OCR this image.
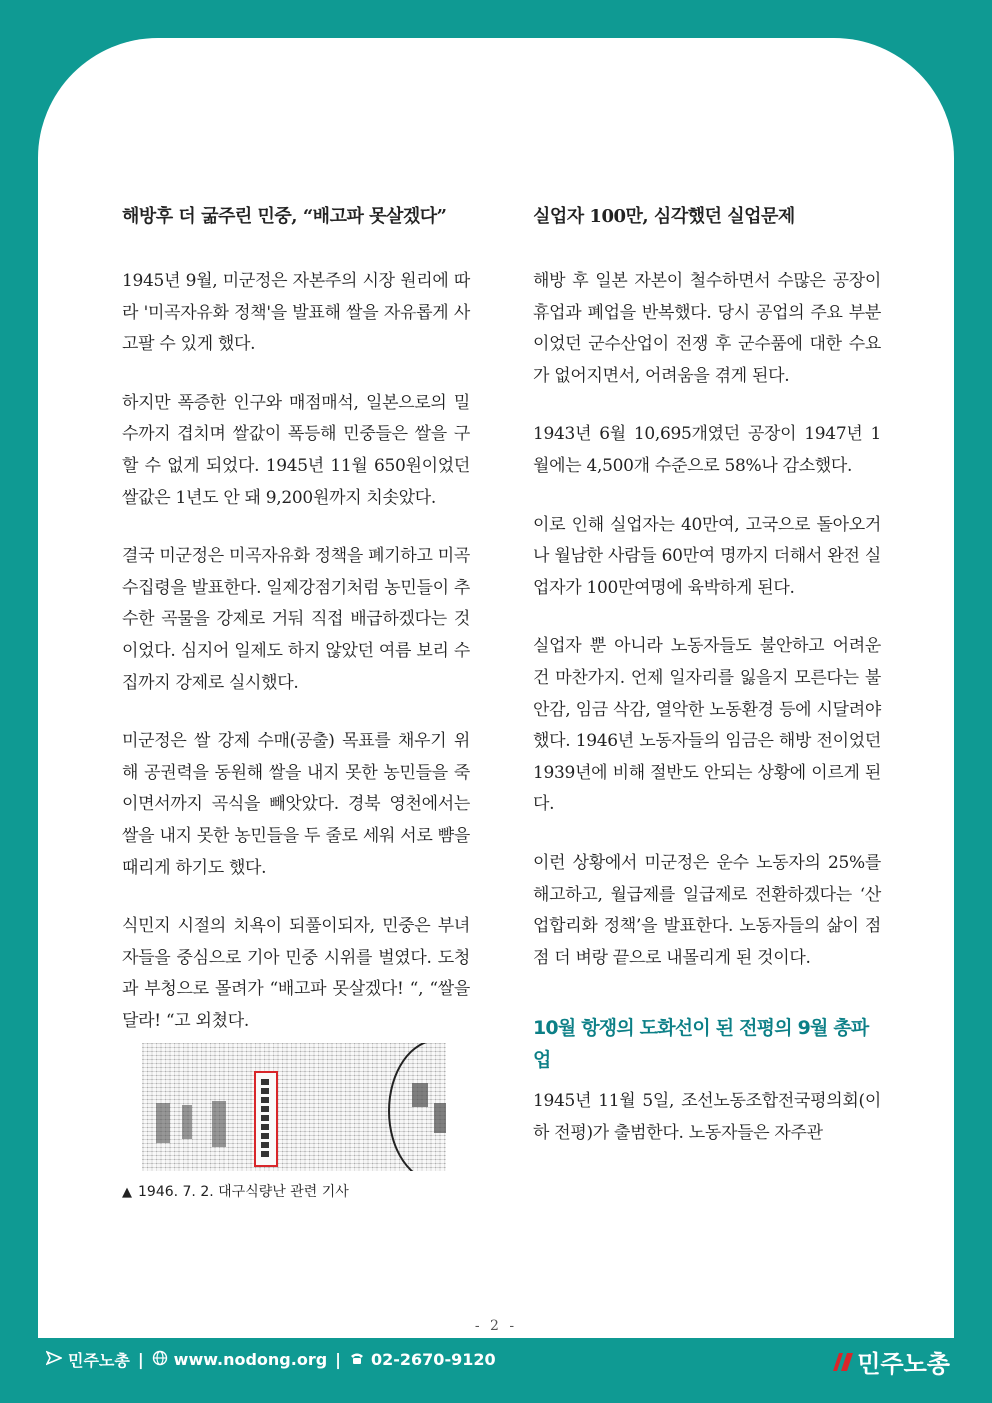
해방후 더 굶주린 민중, “배고파 못살겠다”

1945년 9월, 미군정은 자본주의 시장 원리에 따라 '미곡자유화 정책'을 발표해 쌀을 자유롭게 사고팔 수 있게 했다.

하지만 폭증한 인구와 매점매석, 일본으로의 밀수까지 겹치며 쌀값이 폭등해 민중들은 쌀을 구할 수 없게 되었다. 1945년 11월 650원이었던 쌀값은 1년도 안 돼 9,200원까지 치솟았다.

결국 미군정은 미곡자유화 정책을 폐기하고 미곡수집령을 발표한다. 일제강점기처럼 농민들이 추수한 곡물을 강제로 거둬 직접 배급하겠다는 것이었다. 심지어 일제도 하지 않았던 여름 보리 수집까지 강제로 실시했다.

미군정은 쌀 강제 수매(공출) 목표를 채우기 위해 공권력을 동원해 쌀을 내지 못한 농민들을 죽이면서까지 곡식을 빼앗았다. 경북 영천에서는 쌀을 내지 못한 농민들을 두 줄로 세워 서로 뺨을 때리게 하기도 했다.

식민지 시절의 치욕이 되풀이되자, 민중은 부녀자들을 중심으로 기아 민중 시위를 벌였다. 도청과 부청으로 몰려가 “배고파 못살겠다! “, “쌀을 달라! “고 외쳤다.

▲ 1946. 7. 2. 대구식량난 관련 기사
실업자 100만, 심각했던 실업문제

해방 후 일본 자본이 철수하면서 수많은 공장이 휴업과 폐업을 반복했다. 당시 공업의 주요 부분이었던 군수산업이 전쟁 후 군수품에 대한 수요가 없어지면서, 어려움을 겪게 된다.

1943년 6월 10,695개였던 공장이 1947년 1월에는 4,500개 수준으로 58%나 감소했다.

이로 인해 실업자는 40만여, 고국으로 돌아오거나 월남한 사람들 60만여 명까지 더해서 완전 실업자가 100만여명에 육박하게 된다.

실업자 뿐 아니라 노동자들도 불안하고 어려운 건 마찬가지. 언제 일자리를 잃을지 모른다는 불안감, 임금 삭감, 열악한 노동환경 등에 시달려야 했다. 1946년 노동자들의 임금은 해방 전이었던 1939년에 비해 절반도 안되는 상황에 이르게 된다.

이런 상황에서 미군정은 운수 노동자의 25%를 해고하고, 월급제를 일급제로 전환하겠다는 ‘산업합리화 정책’을 발표한다. 노동자들의 삶이 점점 더 벼랑 끝으로 내몰리게 된 것이다.

10월 항쟁의 도화선이 된 전평의 9월 총파업

1945년 11월 5일, 조선노동조합전국평의회(이하 전평)가 출범한다. 노동자들은 자주관

- 2 -
민주노총 | www.nodong.org | 02-2670-9120	민주노총
